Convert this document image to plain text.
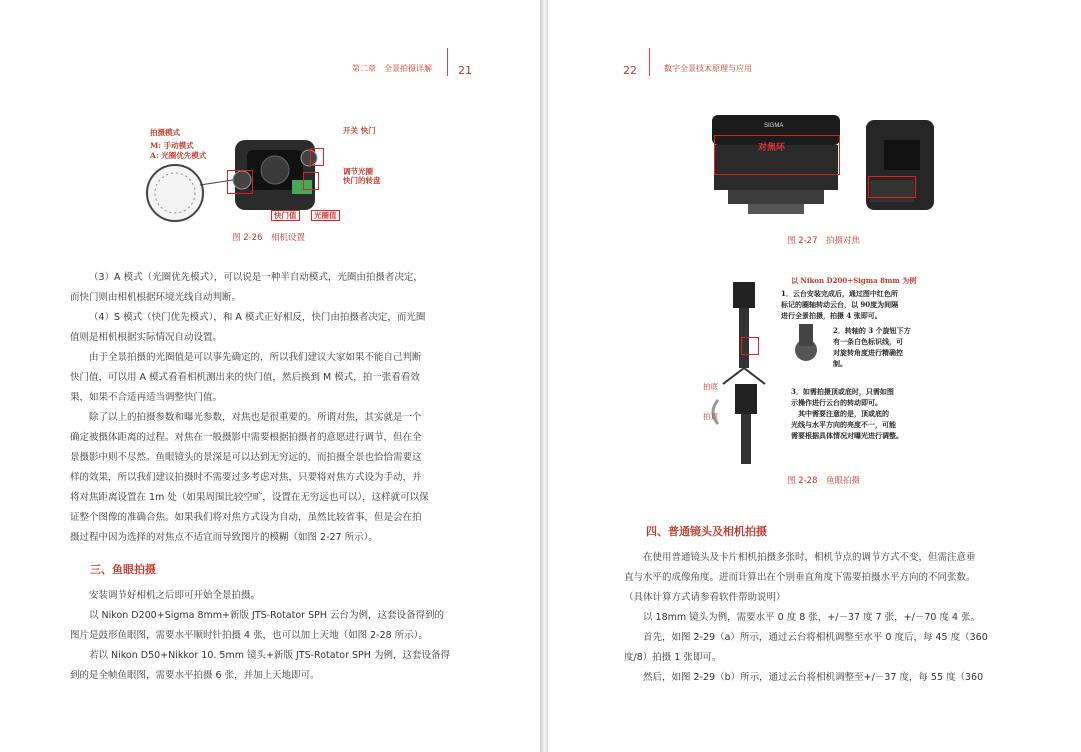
第二章　全景拍摄详解 21
拍摄模式
M: 手动模式
A: 光圈优先模式
开关 快门
调节光圈
快门的转盘
快门值	光圈值
图 2-26　相机设置

（3）A 模式（光圈优先模式），可以说是一种半自动模式，光圈由拍摄者决定，

而快门则由相机根据环境光线自动判断。

（4）S 模式（快门优先模式），和 A 模式正好相反，快门由拍摄者决定，而光圈

值则是相机根据实际情况自动设置。

由于全景拍摄的光圈值是可以事先确定的，所以我们建议大家如果不能自己判断

快门值，可以用 A 模式看看相机测出来的快门值，然后换到 M 模式，拍一张看看效

果，如果不合适再适当调整快门值。

除了以上的拍摄参数和曝光参数，对焦也是很重要的。所谓对焦，其实就是一个

确定被摄体距离的过程。对焦在一般摄影中需要根据拍摄者的意愿进行调节，但在全

景摄影中则不尽然。鱼眼镜头的景深是可以达到无穷远的，而拍摄全景也恰恰需要这

样的效果，所以我们建议拍摄时不需要过多考虑对焦，只要将对焦方式设为手动，并

将对焦距离设置在 1m 处（如果周围比较空旷，设置在无穷远也可以），这样就可以保

证整个图像的准确合焦。如果我们将对焦方式设为自动，虽然比较省事，但是会在拍

摄过程中因为选择的对焦点不适宜而导致图片的模糊（如图 2-27 所示）。

三、鱼眼拍摄

安装调节好相机之后即可开始全景拍摄。

以 Nikon D200+Sigma 8mm+新版 JTS-Rotator SPH 云台为例，这套设备得到的

图片是鼓形鱼眼图，需要水平顺时针拍摄 4 张，也可以加上天地（如图 2-28 所示）。

若以 Nikon D50+Nikkor 10. 5mm 镜头+新版 JTS-Rotator SPH 为例，这套设备得

到的是全帧鱼眼图，需要水平拍摄 6 张，并加上天地即可。

22	数字全景技术原理与应用
SIGMA
对焦环
图 2-27　拍摄对焦
以 Nikon D200+Sigma 8mm 为例
1．云台安装完成后，通过图中红色所
标记的圈轴转动云台，以 90度为间隔
进行全景拍摄，拍摄 4 张即可。
2．转轴的 3 个旋钮下方
有一条白色标识线，可
对旋转角度进行精确控
制。
3．如需拍摄顶或底时，只需如图
示操作进行云台的转动即可。
　其中需要注意的是，顶或底的
光线与水平方向的亮度不一，可能
需要根据具体情况对曝光进行调整。
拍底
拍顶
图 2-28　鱼眼拍摄
四、普通镜头及相机拍摄

在使用普通镜头及卡片相机拍摄多张时，相机节点的调节方式不变，但需注意垂

直与水平的成像角度。进而计算出在个别垂直角度下需要拍摄水平方向的不同张数。

（具体计算方式请参看软件帮助说明）

以 18mm 镜头为例，需要水平 0 度 8 张，+/－37 度 7 张，+/－70 度 4 张。

首先，如图 2-29（a）所示，通过云台将相机调整至水平 0 度后，每 45 度（360

度/8）拍摄 1 张即可。

然后，如图 2-29（b）所示，通过云台将相机调整至+/－37 度，每 55 度（360
